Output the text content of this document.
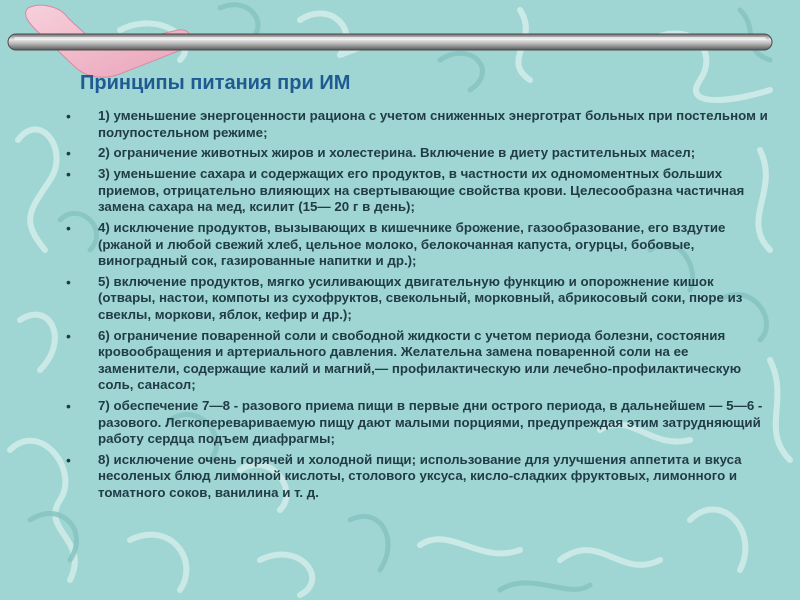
Принципы питания при ИМ
•	1) уменьшение энергоценности рациона с учетом сниженных энерготрат больных при постельном и полупостельном режиме;
•	2) ограничение животных жиров и холестерина. Включение в диету растительных масел;
•	3) уменьшение сахара и содержащих его продуктов, в частности их одномоментных больших приемов, отрицательно влияющих на свертывающие свойства крови. Целесообразна частичная замена сахара на мед, ксилит (15— 20 г в день);
•	4) исключение продуктов, вызывающих в кишечнике брожение, газообразование, его вздутие (ржаной и любой свежий хлеб, цельное молоко, белокочанная капуста, огурцы, бобовые, виноградный сок, газированные напитки и др.);
•	5) включение продуктов, мягко усиливающих двигательную функцию и опорожнение кишок (отвары, настои, компоты из сухофруктов, свекольный, морковный, абрикосовый соки, пюре из свеклы, моркови, яблок, кефир и др.);
•	6) ограничение поваренной соли и свободной жидкости с учетом периода болезни, состояния кровообращения и артериального давления. Желательна замена поваренной соли на ее заменители, содержащие калий и магний,— профилактическую или лечебно-профилактическую соль, санасол;
•	7) обеспечение 7—8 - разового приема пищи в первые дни острого периода, в дальнейшем — 5—6 - разового. Легкоперевариваемую пищу дают малыми порциями, предупреждая этим затрудняющий работу сердца подъем диафрагмы;
•	8) исключение очень горячей и холодной пищи; использование для улучшения аппетита и вкуса несоленых блюд лимонной кислоты, столового уксуса, кисло-сладких фруктовых, лимонного и томатного соков, ванилина и т. д.
